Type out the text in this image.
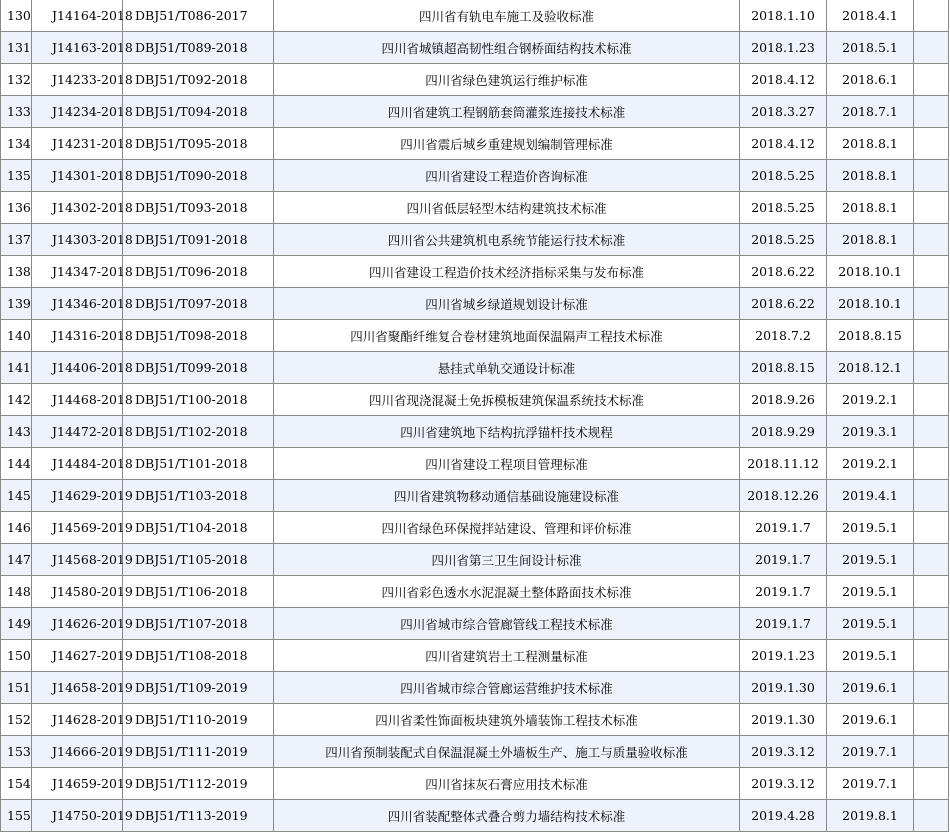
130	J14164-2018	DBJ51/T086-2017	四川省有轨电车施工及验收标准	2018.1.10	2018.4.1	
131	J14163-2018	DBJ51/T089-2018	四川省城镇超高韧性组合钢桥面结构技术标准	2018.1.23	2018.5.1	
132	J14233-2018	DBJ51/T092-2018	四川省绿色建筑运行维护标准	2018.4.12	2018.6.1	
133	J14234-2018	DBJ51/T094-2018	四川省建筑工程钢筋套筒灌浆连接技术标准	2018.3.27	2018.7.1	
134	J14231-2018	DBJ51/T095-2018	四川省震后城乡重建规划编制管理标准	2018.4.12	2018.8.1	
135	J14301-2018	DBJ51/T090-2018	四川省建设工程造价咨询标准	2018.5.25	2018.8.1	
136	J14302-2018	DBJ51/T093-2018	四川省低层轻型木结构建筑技术标准	2018.5.25	2018.8.1	
137	J14303-2018	DBJ51/T091-2018	四川省公共建筑机电系统节能运行技术标准	2018.5.25	2018.8.1	
138	J14347-2018	DBJ51/T096-2018	四川省建设工程造价技术经济指标采集与发布标准	2018.6.22	2018.10.1	
139	J14346-2018	DBJ51/T097-2018	四川省城乡绿道规划设计标准	2018.6.22	2018.10.1	
140	J14316-2018	DBJ51/T098-2018	四川省聚酯纤维复合卷材建筑地面保温隔声工程技术标准	2018.7.2	2018.8.15	
141	J14406-2018	DBJ51/T099-2018	悬挂式单轨交通设计标准	2018.8.15	2018.12.1	
142	J14468-2018	DBJ51/T100-2018	四川省现浇混凝土免拆模板建筑保温系统技术标准	2018.9.26	2019.2.1	
143	J14472-2018	DBJ51/T102-2018	四川省建筑地下结构抗浮锚杆技术规程	2018.9.29	2019.3.1	
144	J14484-2018	DBJ51/T101-2018	四川省建设工程项目管理标准	2018.11.12	2019.2.1	
145	J14629-2019	DBJ51/T103-2018	四川省建筑物移动通信基础设施建设标准	2018.12.26	2019.4.1	
146	J14569-2019	DBJ51/T104-2018	四川省绿色环保搅拌站建设、管理和评价标准	2019.1.7	2019.5.1	
147	J14568-2019	DBJ51/T105-2018	四川省第三卫生间设计标准	2019.1.7	2019.5.1	
148	J14580-2019	DBJ51/T106-2018	四川省彩色透水水泥混凝土整体路面技术标准	2019.1.7	2019.5.1	
149	J14626-2019	DBJ51/T107-2018	四川省城市综合管廊管线工程技术标准	2019.1.7	2019.5.1	
150	J14627-2019	DBJ51/T108-2018	四川省建筑岩土工程测量标准	2019.1.23	2019.5.1	
151	J14658-2019	DBJ51/T109-2019	四川省城市综合管廊运营维护技术标准	2019.1.30	2019.6.1	
152	J14628-2019	DBJ51/T110-2019	四川省柔性饰面板块建筑外墙装饰工程技术标准	2019.1.30	2019.6.1	
153	J14666-2019	DBJ51/T111-2019	四川省预制装配式自保温混凝土外墙板生产、施工与质量验收标准	2019.3.12	2019.7.1	
154	J14659-2019	DBJ51/T112-2019	四川省抹灰石膏应用技术标准	2019.3.12	2019.7.1	
155	J14750-2019	DBJ51/T113-2019	四川省装配整体式叠合剪力墙结构技术标准	2019.4.28	2019.8.1	
